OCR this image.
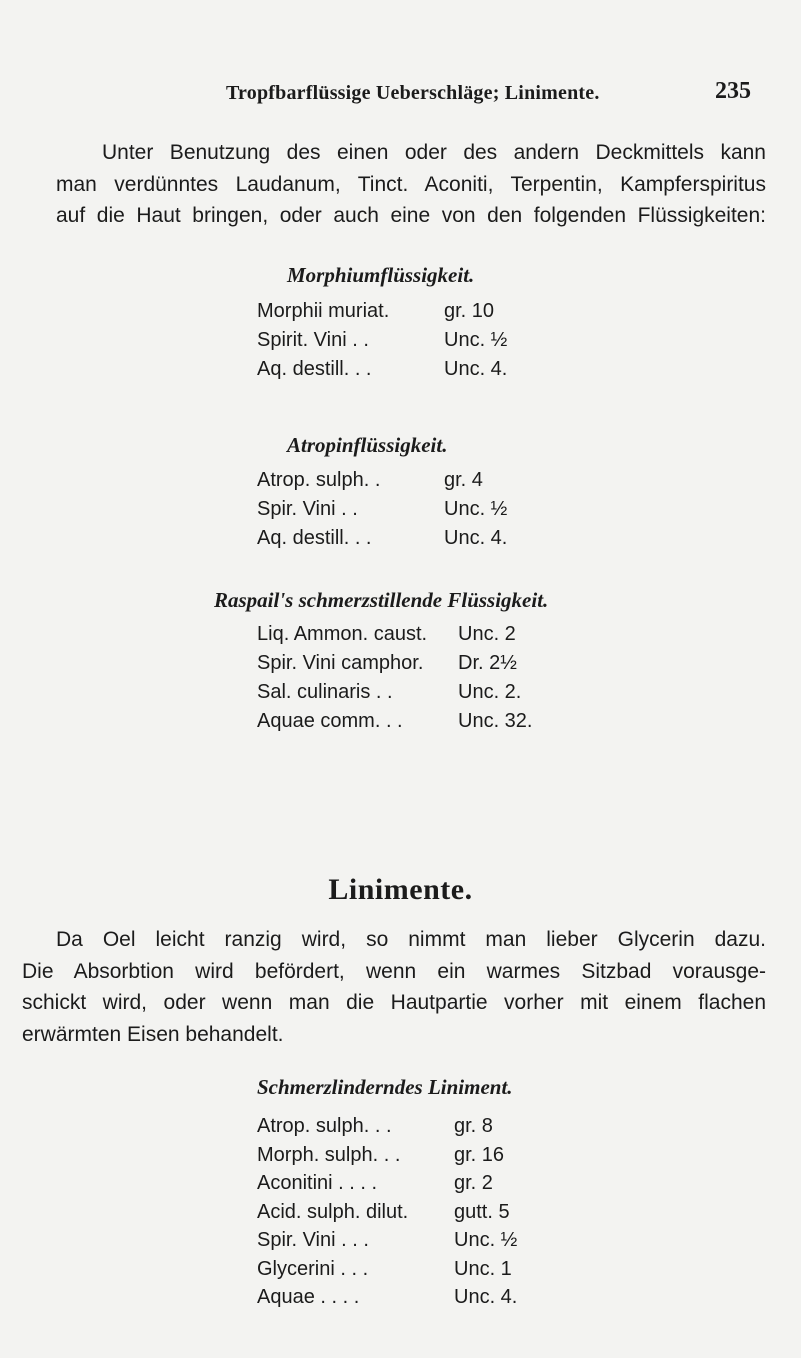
Tropfbarflüssige Ueberschläge; Linimente.	235

Unter Benutzung des einen oder des andern Deckmittels kann
man verdünntes Laudanum, Tinct. Aconiti, Terpentin, Kampferspiritus
auf die Haut bringen, oder auch eine von den folgenden Flüssigkeiten:

Morphiumflüssigkeit.
Morphii muriat.	gr. 10
Spirit. Vini . .	Unc. ½
Aq. destill. . .	Unc. 4.
Atropinflüssigkeit.
Atrop. sulph. .	gr. 4
Spir. Vini . .	Unc. ½
Aq. destill. . .	Unc. 4.
Raspail's schmerzstillende Flüssigkeit.
Liq. Ammon. caust.	Unc. 2
Spir. Vini camphor.	Dr. 2½
Sal. culinaris . .	Unc. 2.
Aquae comm. . .	Unc. 32.
Linimente.

Da Oel leicht ranzig wird, so nimmt man lieber Glycerin dazu.
Die Absorbtion wird befördert, wenn ein warmes Sitzbad vorausge-
schickt wird, oder wenn man die Hautpartie vorher mit einem flachen
erwärmten Eisen behandelt.

Schmerzlinderndes Liniment.
Atrop. sulph. . .	gr. 8
Morph. sulph. . .	gr. 16
Aconitini . . . .	gr. 2
Acid. sulph. dilut.	gutt. 5
Spir. Vini . . .	Unc. ½
Glycerini . . .	Unc. 1
Aquae . . . .	Unc. 4.
